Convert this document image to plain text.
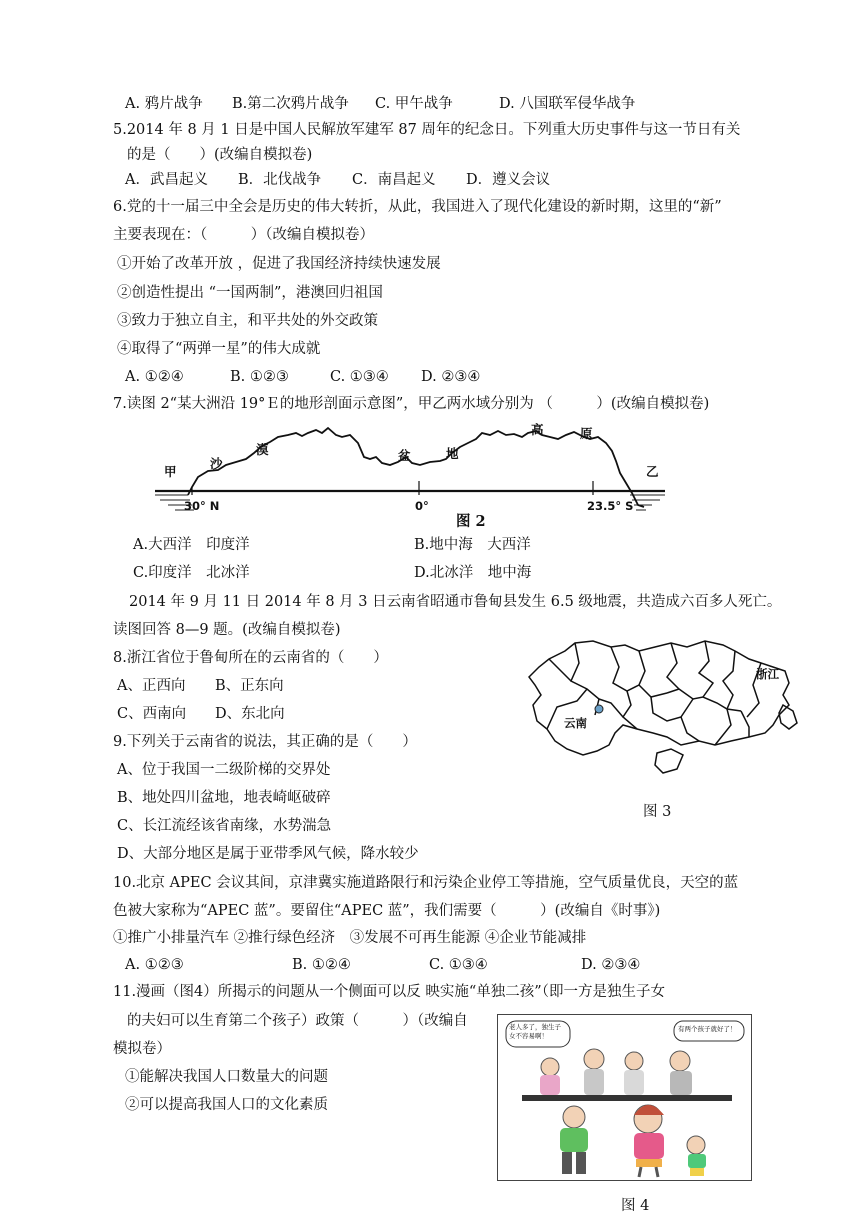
A. 鸦片战争 B.第二次鸦片战争 C. 甲午战争	D. 八国联军侵华战争
5.2014 年 8 月 1 日是中国人民解放军建军 87 周年的纪念日。下列重大历史事件与这一节日有关
的是（　　）(改编自模拟卷)
A．武昌起义 B．北伐战争 C．南昌起义 D．遵义会议
6.党的十一届三中全会是历史的伟大转折，从此，我国进入了现代化建设的新时期，这里的“新”
主要表现在：（　　　）（改编自模拟卷）
①开始了改革开放 ，促进了我国经济持续快速发展
②创造性提出 “一国两制”，港澳回归祖国
③致力于独立自主，和平共处的外交政策
④取得了“两弹一星”的伟大成就
A. ①②④	B. ①②③	C. ①③④ D. ②③④
7.读图 2“某大洲沿 19°Ｅ的地形剖面示意图”，甲乙两水域分别为 （　　　）(改编自模拟卷)
甲	乙
沙
漠	盆	地
高	原
30° N	0°	23.5° S
图 2
A.大西洋　印度洋	B.地中海　大西洋
C.印度洋　北冰洋	D.北冰洋　地中海
2014 年 9 月 11 日 2014 年 8 月 3 日云南省昭通市鲁甸县发生 6.5 级地震，共造成六百多人死亡。
读图回答 8—9 题。(改编自模拟卷)
8.浙江省位于鲁甸所在的云南省的（　　）
A、正西向 B、正东向
C、西南向 D、东北向
浙江
云南
图 3
9.下列关于云南省的说法，其正确的是（　　）
A、位于我国一二级阶梯的交界处
B、地处四川盆地，地表崎岖破碎
C、长江流经该省南缘，水势湍急
D、大部分地区是属于亚带季风气候，降水较少
10.北京 APEC 会议其间，京津冀实施道路限行和污染企业停工等措施，空气质量优良，天空的蓝
色被大家称为“APEC 蓝”。要留住“APEC 蓝”，我们需要（　　　）(改编自《时事》)
①推广小排量汽车 ②推行绿色经济　③发展不可再生能源 ④企业节能减排
A. ①②③	B. ①②④	C. ①③④	D. ②③④
11.漫画（图4）所揭示的问题从一个侧面可以反 映实施“单独二孩”（即一方是独生子女
的夫妇可以生育第二个孩子）政策（　　　）（改编自
模拟卷）
①能解决我国人口数量大的问题
②可以提高我国人口的文化素质
老人多了，独生子女不容易啊！
有两个孩子就好了！
图 4
